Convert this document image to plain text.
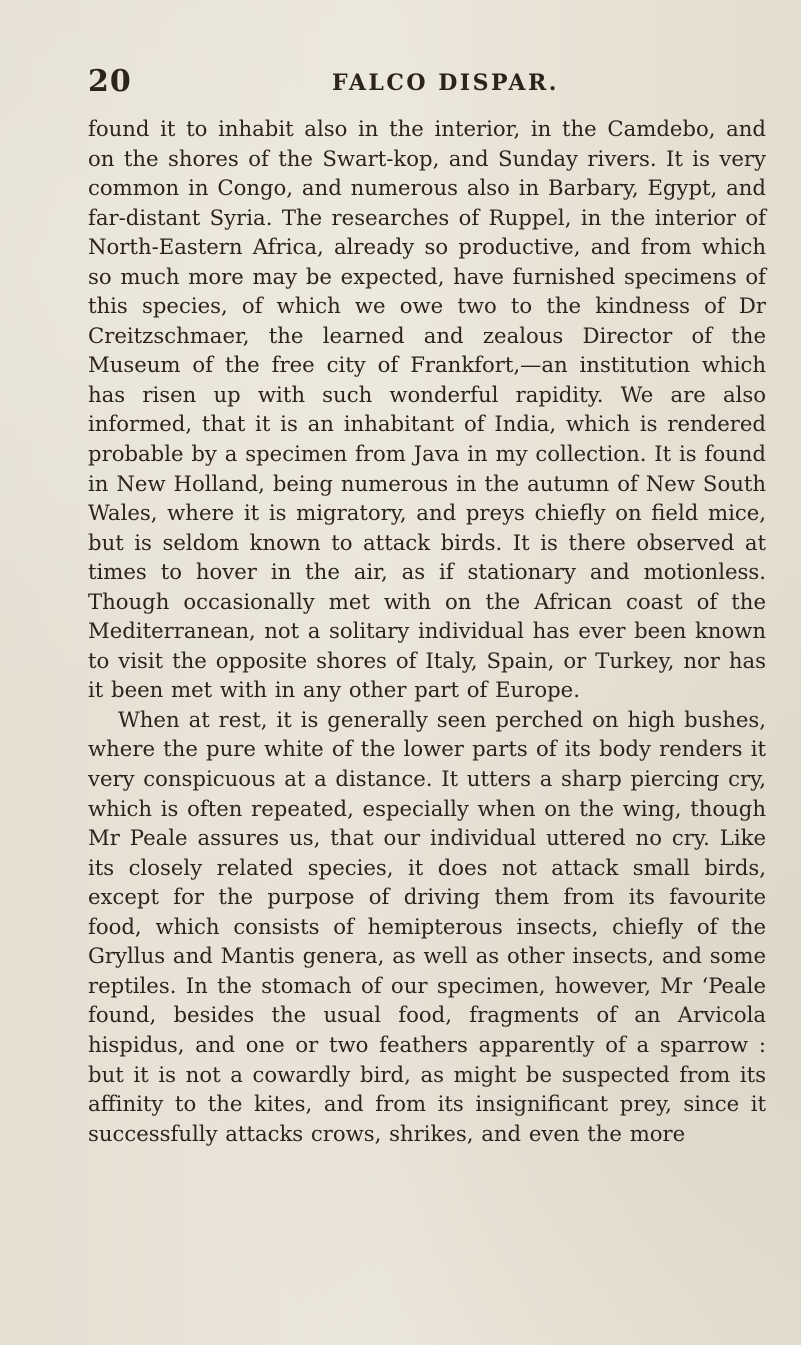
20	FALCO DISPAR.

found it to inhabit also in the interior, in the Camdebo, and on the shores of the Swart-kop, and Sunday rivers. It is very common in Congo, and numerous also in Barbary, Egypt, and far-distant Syria. The researches of Ruppel, in the interior of North-Eastern Africa, already so productive, and from which so much more may be expected, have furnished specimens of this species, of which we owe two to the kindness of Dr Creitzschmaer, the learned and zealous Director of the Museum of the free city of Frankfort,—an institution which has risen up with such wonderful rapidity. We are also informed, that it is an inhabitant of India, which is rendered probable by a specimen from Java in my collection. It is found in New Holland, being numerous in the autumn of New South Wales, where it is migratory, and preys chiefly on field mice, but is seldom known to attack birds. It is there observed at times to hover in the air, as if stationary and motionless. Though occasionally met with on the African coast of the Mediterranean, not a solitary individual has ever been known to visit the opposite shores of Italy, Spain, or Turkey, nor has it been met with in any other part of Europe.

When at rest, it is generally seen perched on high bushes, where the pure white of the lower parts of its body renders it very conspicuous at a distance. It utters a sharp piercing cry, which is often repeated, especially when on the wing, though Mr Peale assures us, that our individual uttered no cry. Like its closely related species, it does not attack small birds, except for the purpose of driving them from its favourite food, which consists of hemipterous insects, chiefly of the Gryllus and Mantis genera, as well as other insects, and some reptiles. In the stomach of our specimen, however, Mr ‘Peale found, besides the usual food, fragments of an Arvicola hispidus, and one or two feathers apparently of a sparrow : but it is not a cowardly bird, as might be suspected from its affinity to the kites, and from its insignificant prey, since it successfully attacks crows, shrikes, and even the more
